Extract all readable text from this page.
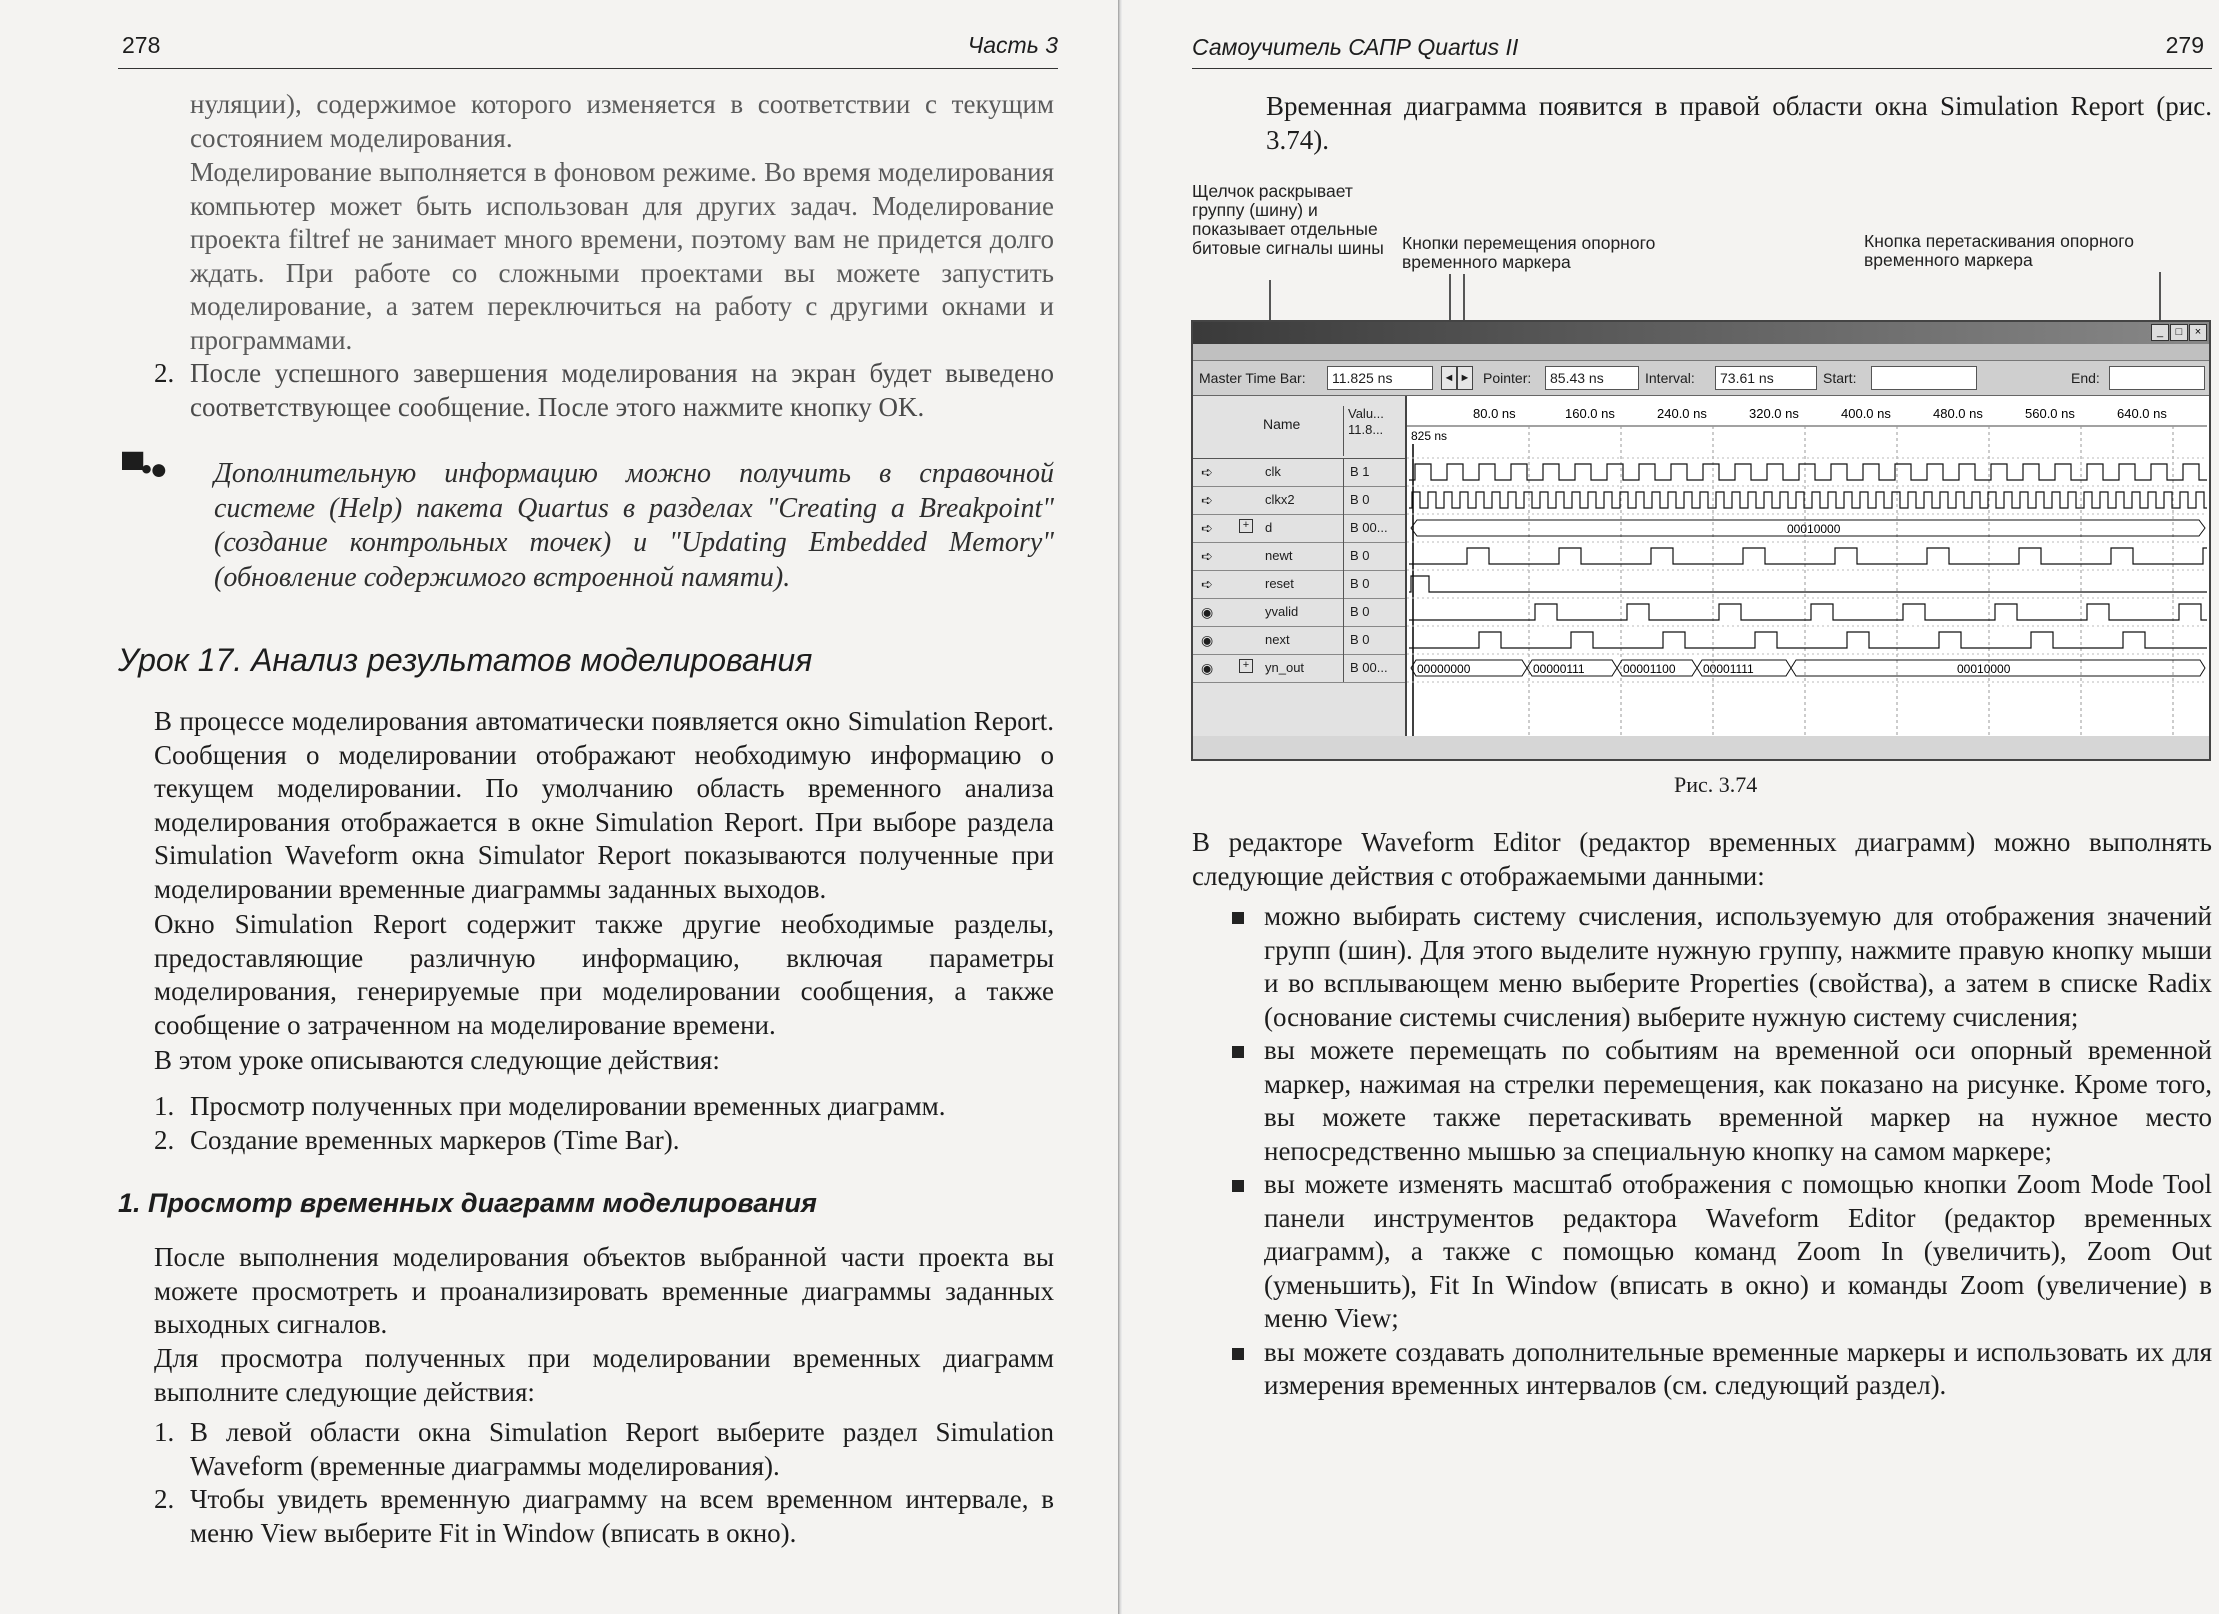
278	Часть 3

нуляции), содержимое которого изменяется в соответствии с текущим состоянием моделирования.

Моделирование выполняется в фоновом режиме. Во время моделирования компьютер может быть использован для других задач. Моделирование проекта filtref не занимает много времени, поэтому вам не придется долго ждать. При работе со сложными проектами вы можете запустить моделирование, а затем переключиться на работу с другими окнами и программами.

2. После успешного завершения моделирования на экран будет выведено соответствующее сообщение. После этого нажмите кнопку OK.
▀•● Дополнительную информацию можно получить в справочной системе (Help) пакета Quartus в разделах "Creating a Breakpoint" (создание контрольных точек) и "Updating Embedded Memory" (обновление содержимого встроенной памяти).

Урок 17. Анализ результатов моделирования

В процессе моделирования автоматически появляется окно Simulation Report. Сообщения о моделировании отображают необходимую информацию о текущем моделировании. По умолчанию область временного анализа моделирования отображается в окне Simulation Report. При выборе раздела Simulation Waveform окна Simulator Report показываются полученные при моделировании временные диаграммы заданных выходов.

Окно Simulation Report содержит также другие необходимые разделы, предоставляющие различную информацию, включая параметры моделирования, генерируемые при моделировании сообщения, а также сообщение о затраченном на моделирование времени.

В этом уроке описываются следующие действия:

1. Просмотр полученных при моделировании временных диаграмм.
2. Создание временных маркеров (Time Bar).
1. Просмотр временных диаграмм моделирования

После выполнения моделирования объектов выбранной части проекта вы можете просмотреть и проанализировать временные диаграммы заданных выходных сигналов.

Для просмотра полученных при моделировании временных диаграмм выполните следующие действия:

1. В левой области окна Simulation Report выберите раздел Simulation Waveform (временные диаграммы моделирования).
2. Чтобы увидеть временную диаграмму на всем временном интервале, в меню View выберите Fit in Window (вписать в окно).
Самоучитель САПР Quartus II	279

Временная диаграмма появится в правой области окна Simulation Report (рис. 3.74).

Щелчок раскрывает группу (шину) и показывает отдельные битовые сигналы шины	Кнопки перемещения опорного временного маркера
Кнопка перетаскивания опорного временного маркера
_	□	×
Master Time Bar:	11.825 ns	◄ ► Pointer:	85.43 ns	Interval:	73.61 ns	Start:	End:
Name
Valu... 11.8...
➪	clk	B 1
➪	clkx2	B 0
➪	+ d	B 00...
➪	newt	B 0
➪	reset	B 0
◉	yvalid	B 0
◉	next	B 0
◉	+ yn_out	B 00...
80.0 ns	160.0 ns	240.0 ns	320.0 ns	400.0 ns	480.0 ns	560.0 ns	640.0 ns
825 ns
00010000
00000000	00000111	00001100 00001111	00010000
Рис. 3.74

В редакторе Waveform Editor (редактор временных диаграмм) можно выполнять следующие действия с отображаемыми данными:

можно выбирать систему счисления, используемую для отображения значений групп (шин). Для этого выделите нужную группу, нажмите правую кнопку мыши и во всплывающем меню выберите Properties (свойства), а затем в списке Radix (основание системы счисления) выберите нужную систему счисления;
вы можете перемещать по событиям на временной оси опорный временной маркер, нажимая на стрелки перемещения, как показано на рисунке. Кроме того, вы можете также перетаскивать временной маркер на нужное место непосредственно мышью за специальную кнопку на самом маркере;
вы можете изменять масштаб отображения с помощью кнопки Zoom Mode Tool панели инструментов редактора Waveform Editor (редактор временных диаграмм), а также с помощью команд Zoom In (увеличить), Zoom Out (уменьшить), Fit In Window (вписать в окно) и команды Zoom (увеличение) в меню View;
вы можете создавать дополнительные временные маркеры и использовать их для измерения временных интервалов (см. следующий раздел).
